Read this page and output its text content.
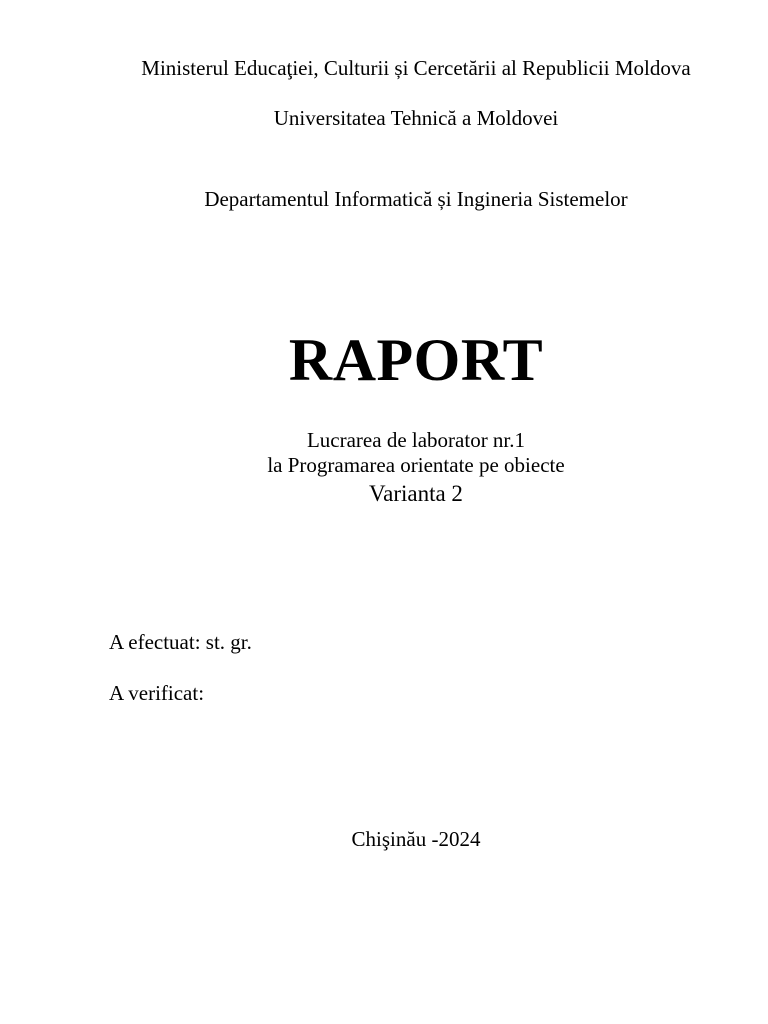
Ministerul Educaţiei, Culturii și Cercetării al Republicii Moldova
Universitatea Tehnică a Moldovei
Departamentul Informatică și Ingineria Sistemelor
RAPORT
Lucrarea de laborator nr.1
la Programarea orientate pe obiecte
Varianta 2
A efectuat: st. gr.
A verificat:
Chişinău -2024
